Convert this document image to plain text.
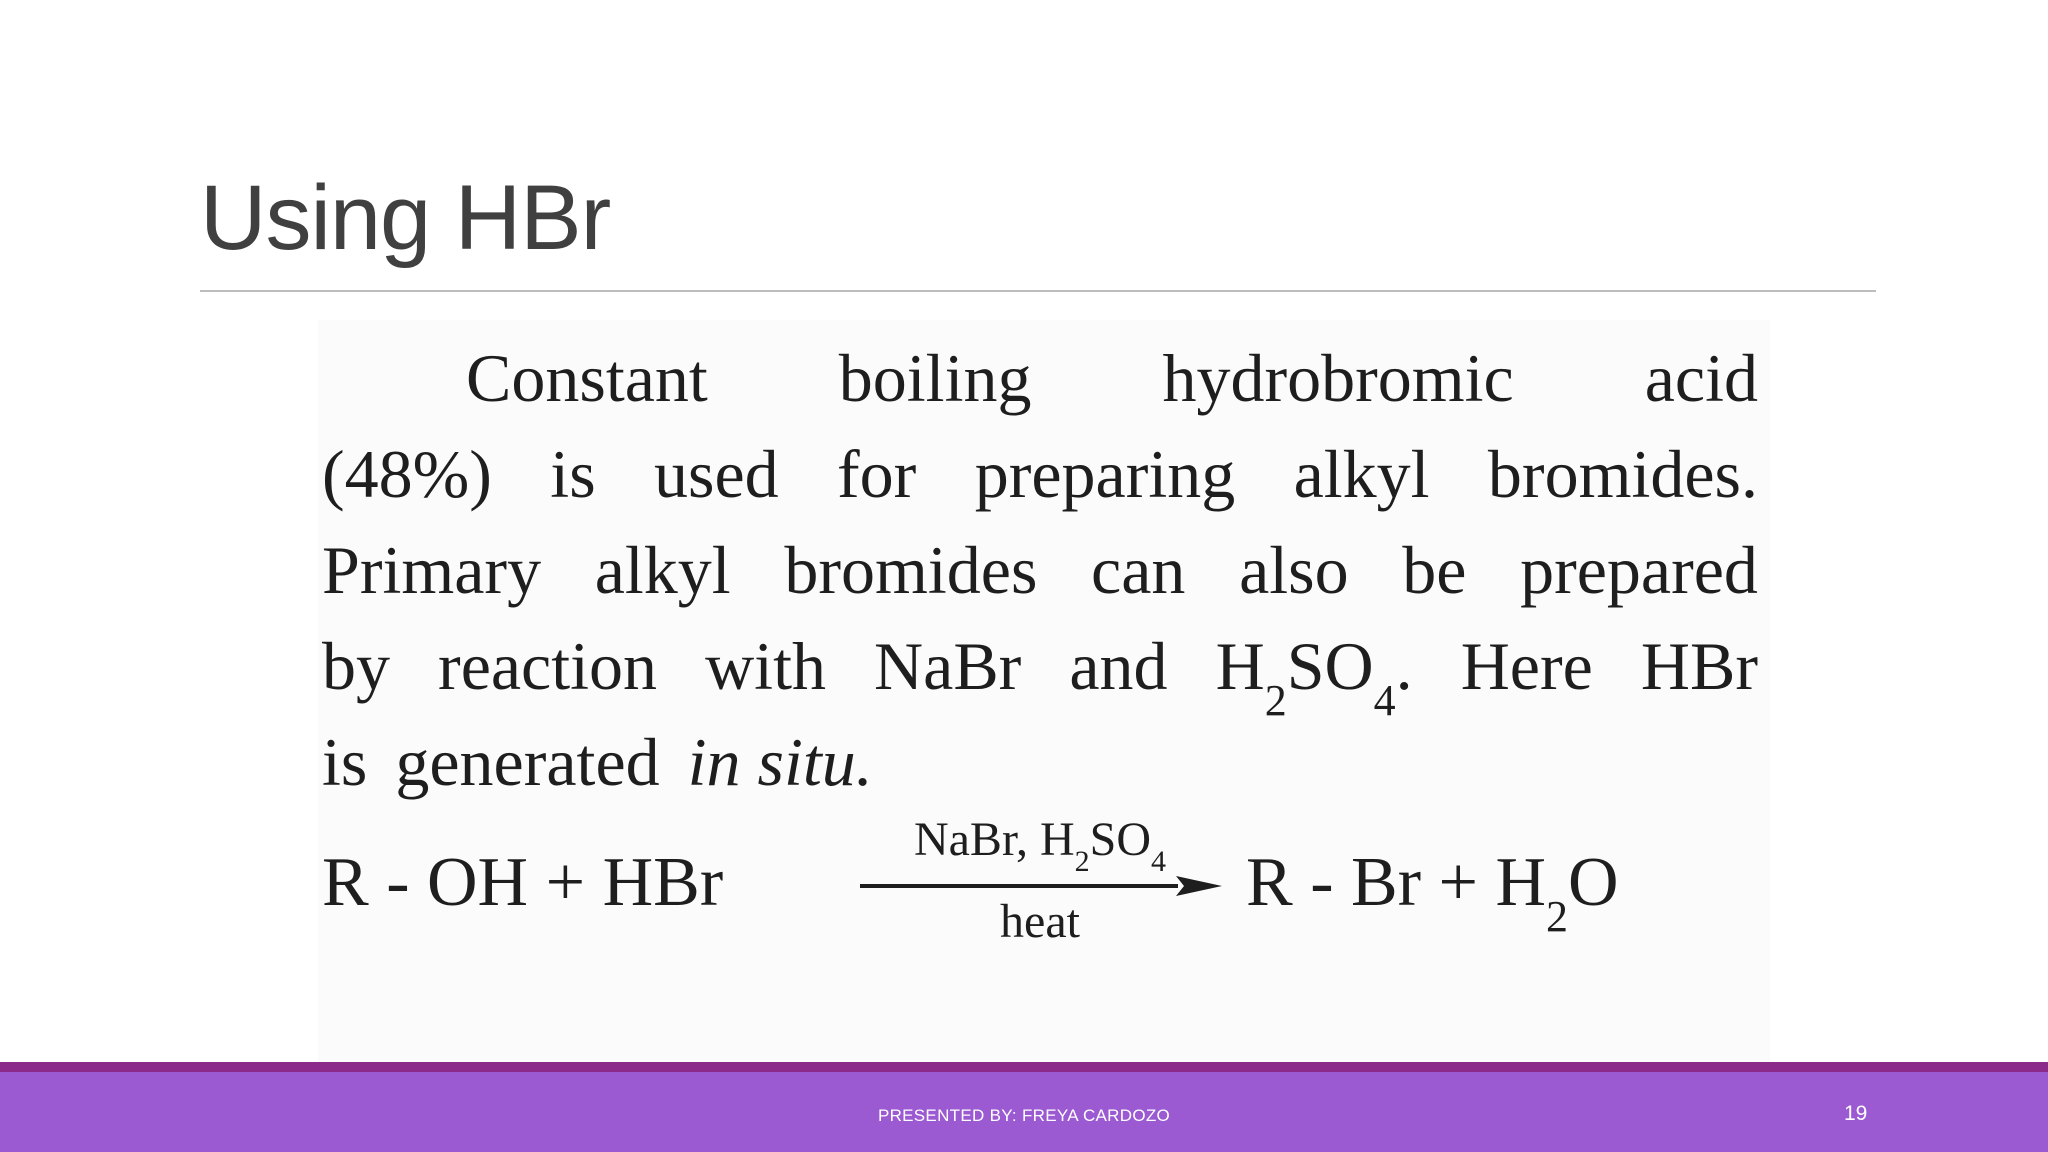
Using HBr
Constant boiling hydrobromic acid
(48%) is used for preparing alkyl bromides.
Primary alkyl bromides can also be prepared
by reaction with NaBr and $H_2SO_4$. Here HBr
is generated in situ.
R - OH + HBr
NaBr, $H_2SO_4$
heat
$R - Br + H_2O$
PRESENTED BY: FREYA CARDOZO	19
